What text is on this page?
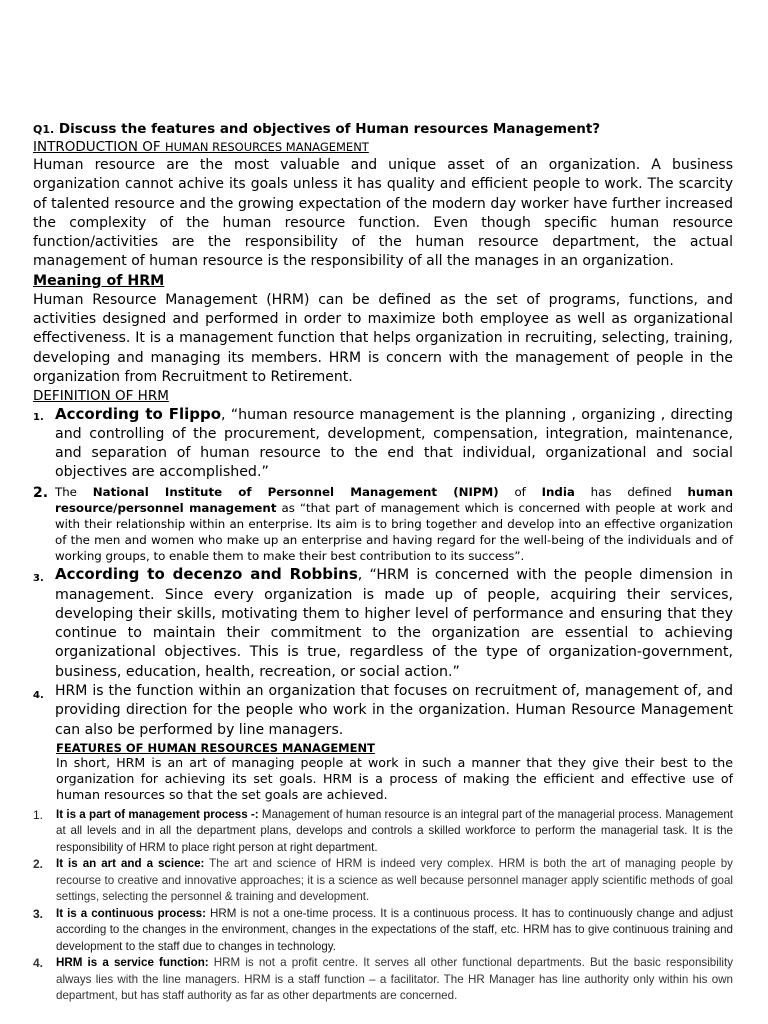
Q1. Discuss the features and objectives of Human resources Management?
INTRODUCTION OF HUMAN RESOURCES MANAGEMENT
Human resource are the most valuable and unique asset of an organization. A business organization cannot achive its goals unless it has quality and efficient people to work. The scarcity of talented resource and the growing expectation of the modern day worker have further increased the complexity of the human resource function. Even though specific human resource function/activities are the responsibility of the human resource department, the actual management of human resource is the responsibility of all the manages in an organization.
Meaning of HRM
Human Resource Management (HRM) can be defined as the set of programs, functions, and activities designed and performed in order to maximize both employee as well as organizational effectiveness. It is a management function that helps organization in recruiting, selecting, training, developing and managing its members. HRM is concern with the management of people in the organization from Recruitment to Retirement.
DEFINITION OF HRM
1. According to Flippo, “human resource management is the planning , organizing , directing and controlling of the procurement, development, compensation, integration, maintenance, and separation of human resource to the end that individual, organizational and social objectives are accomplished.”
2. The National Institute of Personnel Management (NIPM) of India has defined human resource/personnel management as “that part of management which is concerned with people at work and with their relationship within an enterprise. Its aim is to bring together and develop into an effective organization of the men and women who make up an enterprise and having regard for the well-being of the individuals and of working groups, to enable them to make their best contribution to its success”.
3. According to decenzo and Robbins, “HRM is concerned with the people dimension in management. Since every organization is made up of people, acquiring their services, developing their skills, motivating them to higher level of performance and ensuring that they continue to maintain their commitment to the organization are essential to achieving organizational objectives. This is true, regardless of the type of organization-government, business, education, health, recreation, or social action.”
4. HRM is the function within an organization that focuses on recruitment of, management of, and providing direction for the people who work in the organization. Human Resource Management can also be performed by line managers.
FEATURES OF HUMAN RESOURCES MANAGEMENT
In short, HRM is an art of managing people at work in such a manner that they give their best to the organization for achieving its set goals. HRM is a process of making the efficient and effective use of human resources so that the set goals are achieved.
1. It is a part of management process -: Management of human resource is an integral part of the managerial process. Management at all levels and in all the department plans, develops and controls a skilled workforce to perform the managerial task. It is the responsibility of HRM to place right person at right department.
2. It is an art and a science: The art and science of HRM is indeed very complex. HRM is both the art of managing people by recourse to creative and innovative approaches; it is a science as well because personnel manager apply scientific methods of goal settings, selecting the personnel & training and development.
3. It is a continuous process: HRM is not a one-time process. It is a continuous process. It has to continuously change and adjust according to the changes in the environment, changes in the expectations of the staff, etc. HRM has to give continuous training and development to the staff due to changes in technology.
4. HRM is a service function: HRM is not a profit centre. It serves all other functional departments. But the basic responsibility always lies with the line managers. HRM is a staff function – a facilitator. The HR Manager has line authority only within his own department, but has staff authority as far as other departments are concerned.
